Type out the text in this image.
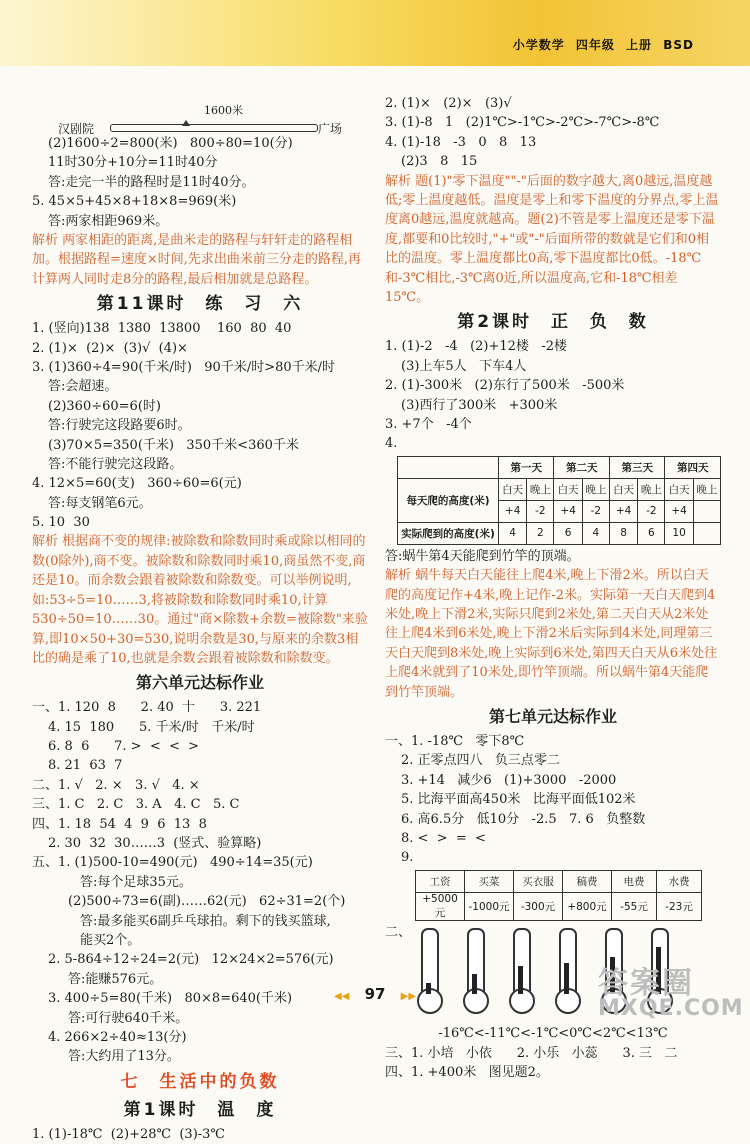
小学数学 四年级 上册 BSD
1600米
汉剧院	广场
(2)1600÷2=800(米)   800÷80=10(分)
11时30分+10分=11时40分
答:走完一半的路程时是11时40分。
5. 45×5+45×8+18×8=969(米)
答:两家相距969米。
解析 两家相距的距离,是曲米走的路程与轩轩走的路程相加。根据路程=速度×时间,先求出曲米前三分走的路程,再计算两人同时走8分的路程,最后相加就是总路程。
第11课时 练 习 六
1. (竖向)138  1380  13800    160  80  40
2. (1)×  (2)×  (3)√  (4)×
3. (1)360÷4=90(千米/时)   90千米/时>80千米/时
答:会超速。
(2)360÷60=6(时)
答:行驶完这段路要6时。
(3)70×5=350(千米)   350千米<360千米
答:不能行驶完这段路。
4. 12×5=60(支)   360÷60=6(元)
答:每支钢笔6元。
5. 10  30
解析 根据商不变的规律:被除数和除数同时乘或除以相同的数(0除外),商不变。被除数和除数同时乘10,商虽然不变,商还是10。而余数会跟着被除数和除数变。可以举例说明,如:53÷5=10……3,将被除数和除数同时乘10,计算530÷50=10……30。通过"商×除数+余数=被除数"来验算,即10×50+30=530,说明余数是30,与原来的余数3相比的确是乘了10,也就是余数会跟着被除数和除数变。
第六单元达标作业
一、1. 120  8      2. 40  十      3. 221
4. 15  180      5. 千米/时   千米/时
6. 8  6      7. >  <  <  >
8. 21  63  7
二、1. √   2. ×   3. √   4. ×
三、1. C   2. C   3. A   4. C   5. C
四、1. 18  54  4  9  6  13  8
2. 30  32  30……3  (竖式、验算略)
五、1. (1)500-10=490(元)   490÷14=35(元)
答:每个足球35元。
(2)500÷73=6(副)……62(元)   62÷31=2(个)
答:最多能买6副乒乓球拍。剩下的钱买篮球,
能买2个。
2. 5-864÷12÷24=2(元)   12×24×2=576(元)
答:能赚576元。
3. 400÷5=80(千米)   80×8=640(千米)
答:可行驶640千米。
4. 266×2÷40≈13(分)
答:大约用了13分。
七 生活中的负数
第1课时 温 度
1. (1)-18℃  (2)+28℃  (3)-3℃
2. (1)×   (2)×   (3)√
3. (1)-8   1   (2)1℃>-1℃>-2℃>-7℃>-8℃
4. (1)-18   -3   0   8   13
(2)3   8   15
解析 题(1)"零下温度""-"后面的数字越大,离0越远,温度越低;零上温度越低。温度是零上和零下温度的分界点,零上温度离0越远,温度就越高。题(2)不管是零上温度还是零下温度,都要和0比较时,"+"或"-"后面所带的数就是它们和0相比的温度。零上温度都比0高,零下温度都比0低。-18℃和-3℃相比,-3℃离0近,所以温度高,它和-18℃相差15℃。
第2课时 正 负 数
1. (1)-2   -4   (2)+12楼   -2楼
(3)上车5人   下车4人
2. (1)-300米   (2)东行了500米   -500米
(3)西行了300米   +300米
3. +7个   -4个
4.
	第一天		第二天		第三天		第四天	
每天爬的高度(米)	白天	晚上	白天	晚上	白天	晚上	白天	晚上
	+4	-2	+4	-2	+4	-2	+4	
实际爬到的高度(米)	4	2	6	4	8	6	10	
答:蜗牛第4天能爬到竹竿的顶端。
解析 蜗牛每天白天能往上爬4米,晚上下滑2米。所以白天爬的高度记作+4米,晚上记作-2米。实际第一天白天爬到4米处,晚上下滑2米,实际只爬到2米处,第二天白天从2米处往上爬4米到6米处,晚上下滑2米后实际到4米处,同理第三天白天爬到8米处,晚上实际到6米处,第四天白天从6米处往上爬4米就到了10米处,即竹竿顶端。所以蜗牛第4天能爬到竹竿顶端。
第七单元达标作业
一、1. -18℃   零下8℃
2. 正零点四八   负三点零二
3. +14   减少6   (1)+3000   -2000
5. 比海平面高450米   比海平面低102米
6. 高6.5分   低10分   -2.5   7. 6   负整数
8. <  >  =  <
9.
工资	买菜	买衣服	稿费	电费	水费
+5000元	-1000元	-300元	+800元	-55元	-23元
二、
-16℃<-11℃<-1℃<0℃<2℃<13℃
三、1. 小培   小依      2. 小乐   小蕊      3. 三   二
四、1. +400米   图见题2。
◀◀ 97 ▶▶	答案圈
MXQE.COM
